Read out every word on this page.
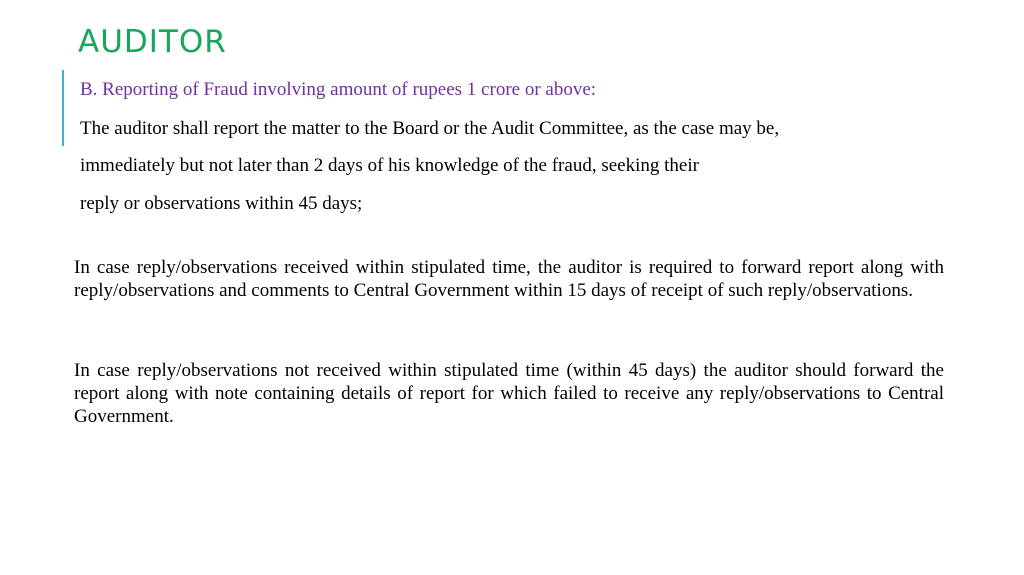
AUDITOR

B. Reporting of Fraud involving amount of rupees 1 crore or above:

The auditor shall report the matter to the Board or the Audit Committee, as the case may be,

immediately but not later than 2 days of his knowledge of the fraud, seeking their

reply or observations within 45 days;

In case reply/observations received within stipulated time, the auditor is required to forward report along with reply/observations and comments to Central Government within 15 days of receipt of such reply/observations.

In case reply/observations not received within stipulated time (within 45 days) the auditor should forward the report along with note containing details of report for which failed to receive any reply/observations to Central Government.
